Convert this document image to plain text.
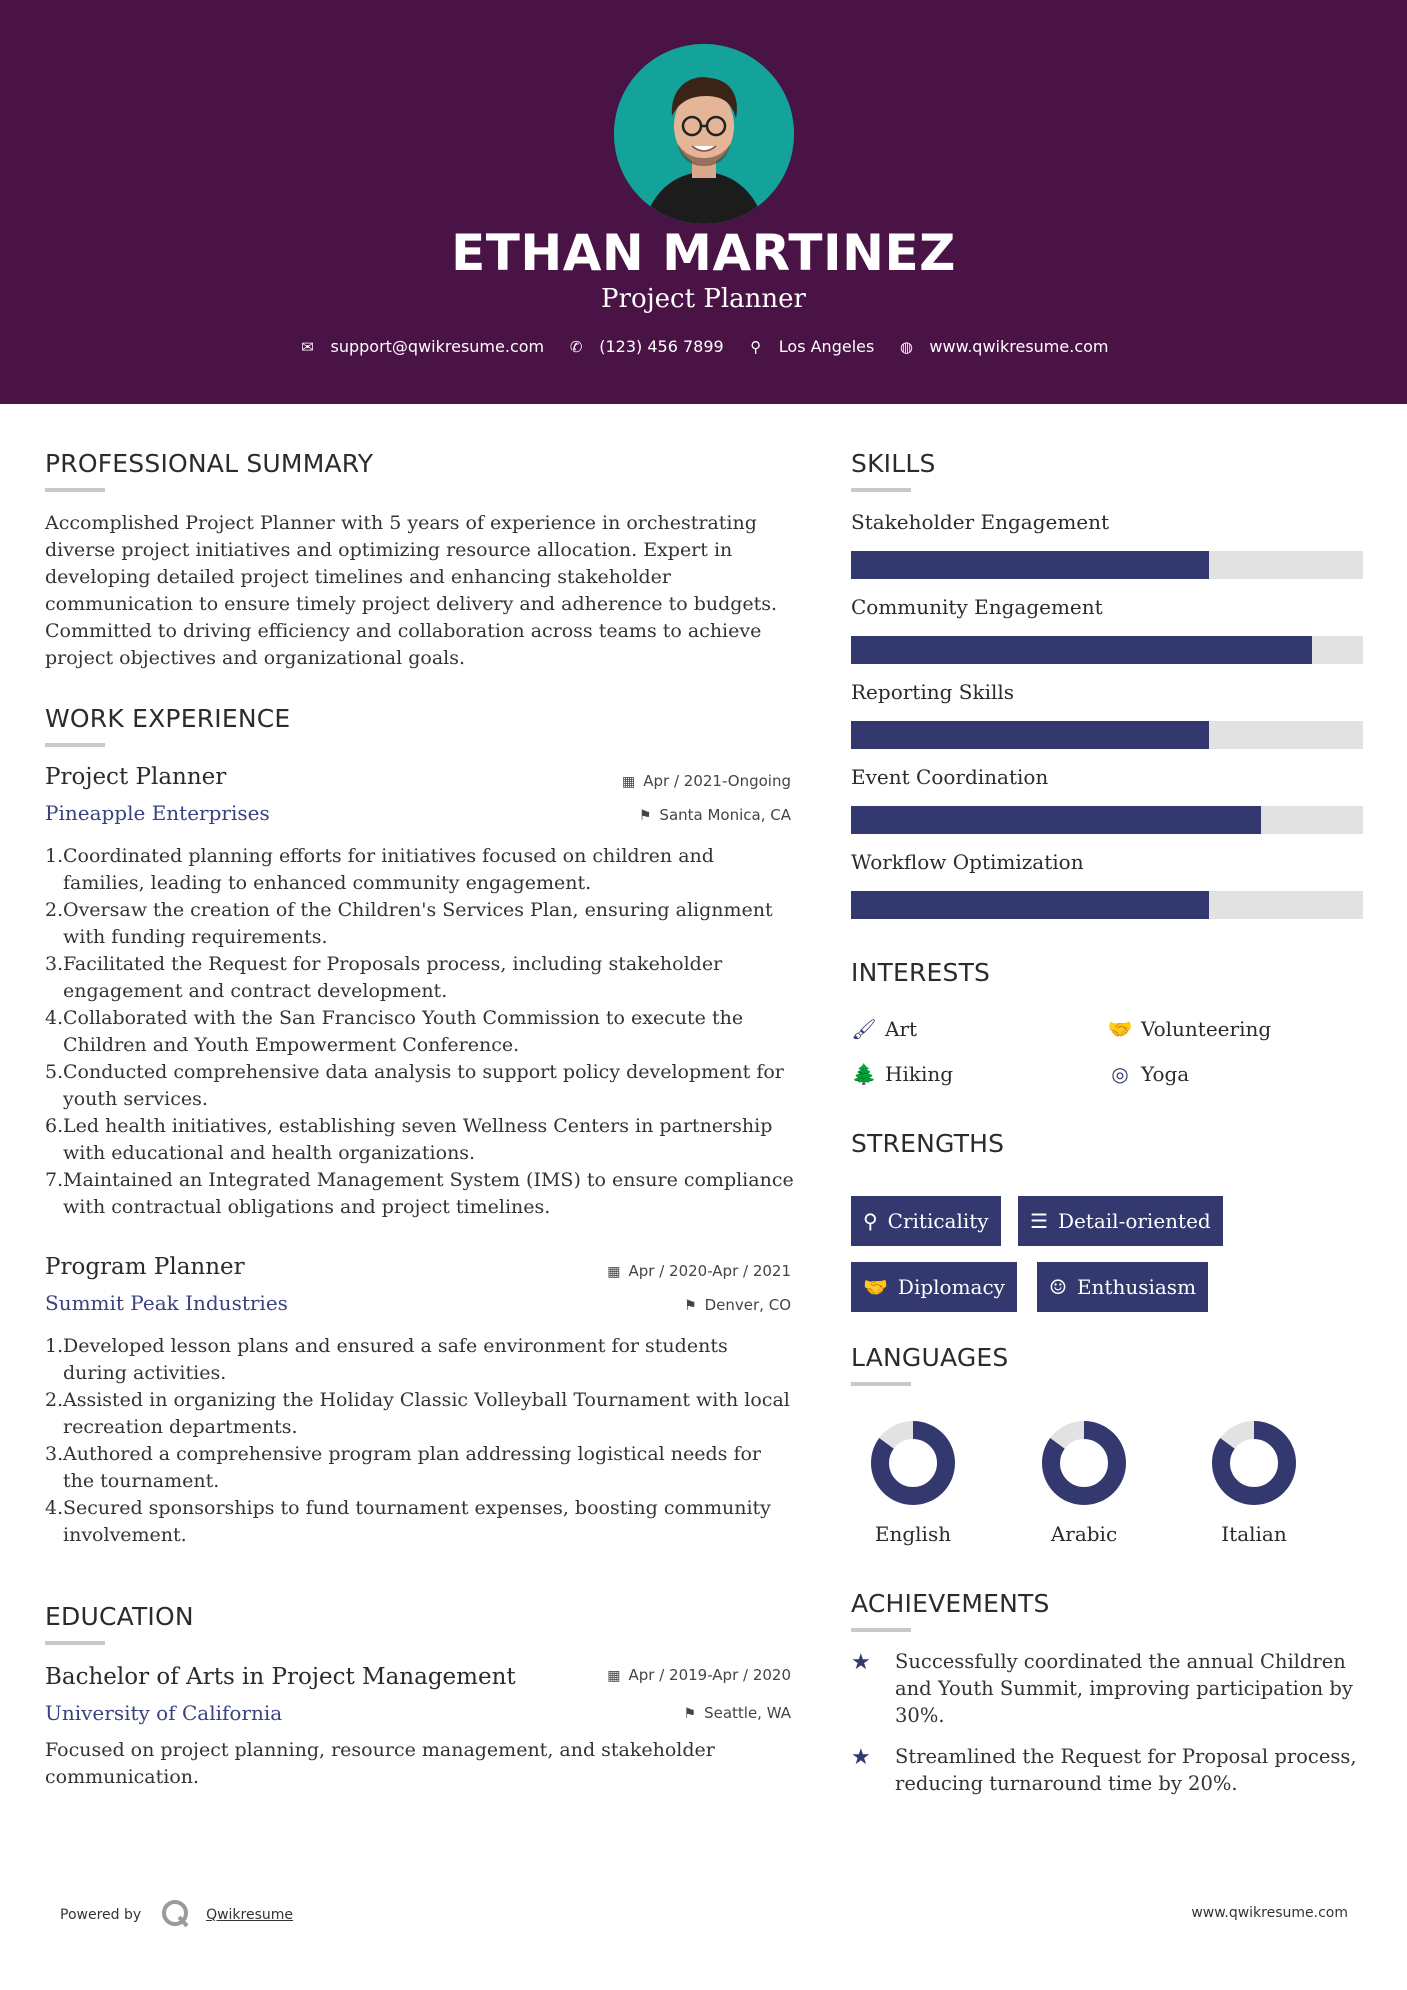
ETHAN MARTINEZ
Project Planner
✉ support@qwikresume.com ✆ (123) 456 7899 ⚲ Los Angeles ◍ www.qwikresume.com
PROFESSIONAL SUMMARY
Accomplished Project Planner with 5 years of experience in orchestrating diverse project initiatives and optimizing resource allocation. Expert in developing detailed project timelines and enhancing stakeholder communication to ensure timely project delivery and adherence to budgets. Committed to driving efficiency and collaboration across teams to achieve project objectives and organizational goals.
WORK EXPERIENCE
Project Planner	▦ Apr / 2021-Ongoing
Pineapple Enterprises	⚑ Santa Monica, CA
Coordinated planning efforts for initiatives focused on children and families, leading to enhanced community engagement.
Oversaw the creation of the Children's Services Plan, ensuring alignment with funding requirements.
Facilitated the Request for Proposals process, including stakeholder engagement and contract development.
Collaborated with the San Francisco Youth Commission to execute the Children and Youth Empowerment Conference.
Conducted comprehensive data analysis to support policy development for youth services.
Led health initiatives, establishing seven Wellness Centers in partnership with educational and health organizations.
Maintained an Integrated Management System (IMS) to ensure compliance with contractual obligations and project timelines.
Program Planner	▦ Apr / 2020-Apr / 2021
Summit Peak Industries	⚑ Denver, CO
Developed lesson plans and ensured a safe environment for students during activities.
Assisted in organizing the Holiday Classic Volleyball Tournament with local recreation departments.
Authored a comprehensive program plan addressing logistical needs for the tournament.
Secured sponsorships to fund tournament expenses, boosting community involvement.
EDUCATION
Bachelor of Arts in Project Management	▦ Apr / 2019-Apr / 2020
University of California	⚑ Seattle, WA
Focused on project planning, resource management, and stakeholder communication.
SKILLS
Stakeholder Engagement
Community Engagement
Reporting Skills
Event Coordination
Workflow Optimization
INTERESTS
🖌 Art	🤝 Volunteering
🌲 Hiking	◎ Yoga
STRENGTHS
⚲ Criticality	☰ Detail-oriented
🤝 Diplomacy	☺ Enthusiasm
LANGUAGES
English	Arabic	Italian
ACHIEVEMENTS
★	Successfully coordinated the annual Children and Youth Summit, improving participation by 30%.
★	Streamlined the Request for Proposal process, reducing turnaround time by 20%.
Powered by	Qwikresume	www.qwikresume.com
